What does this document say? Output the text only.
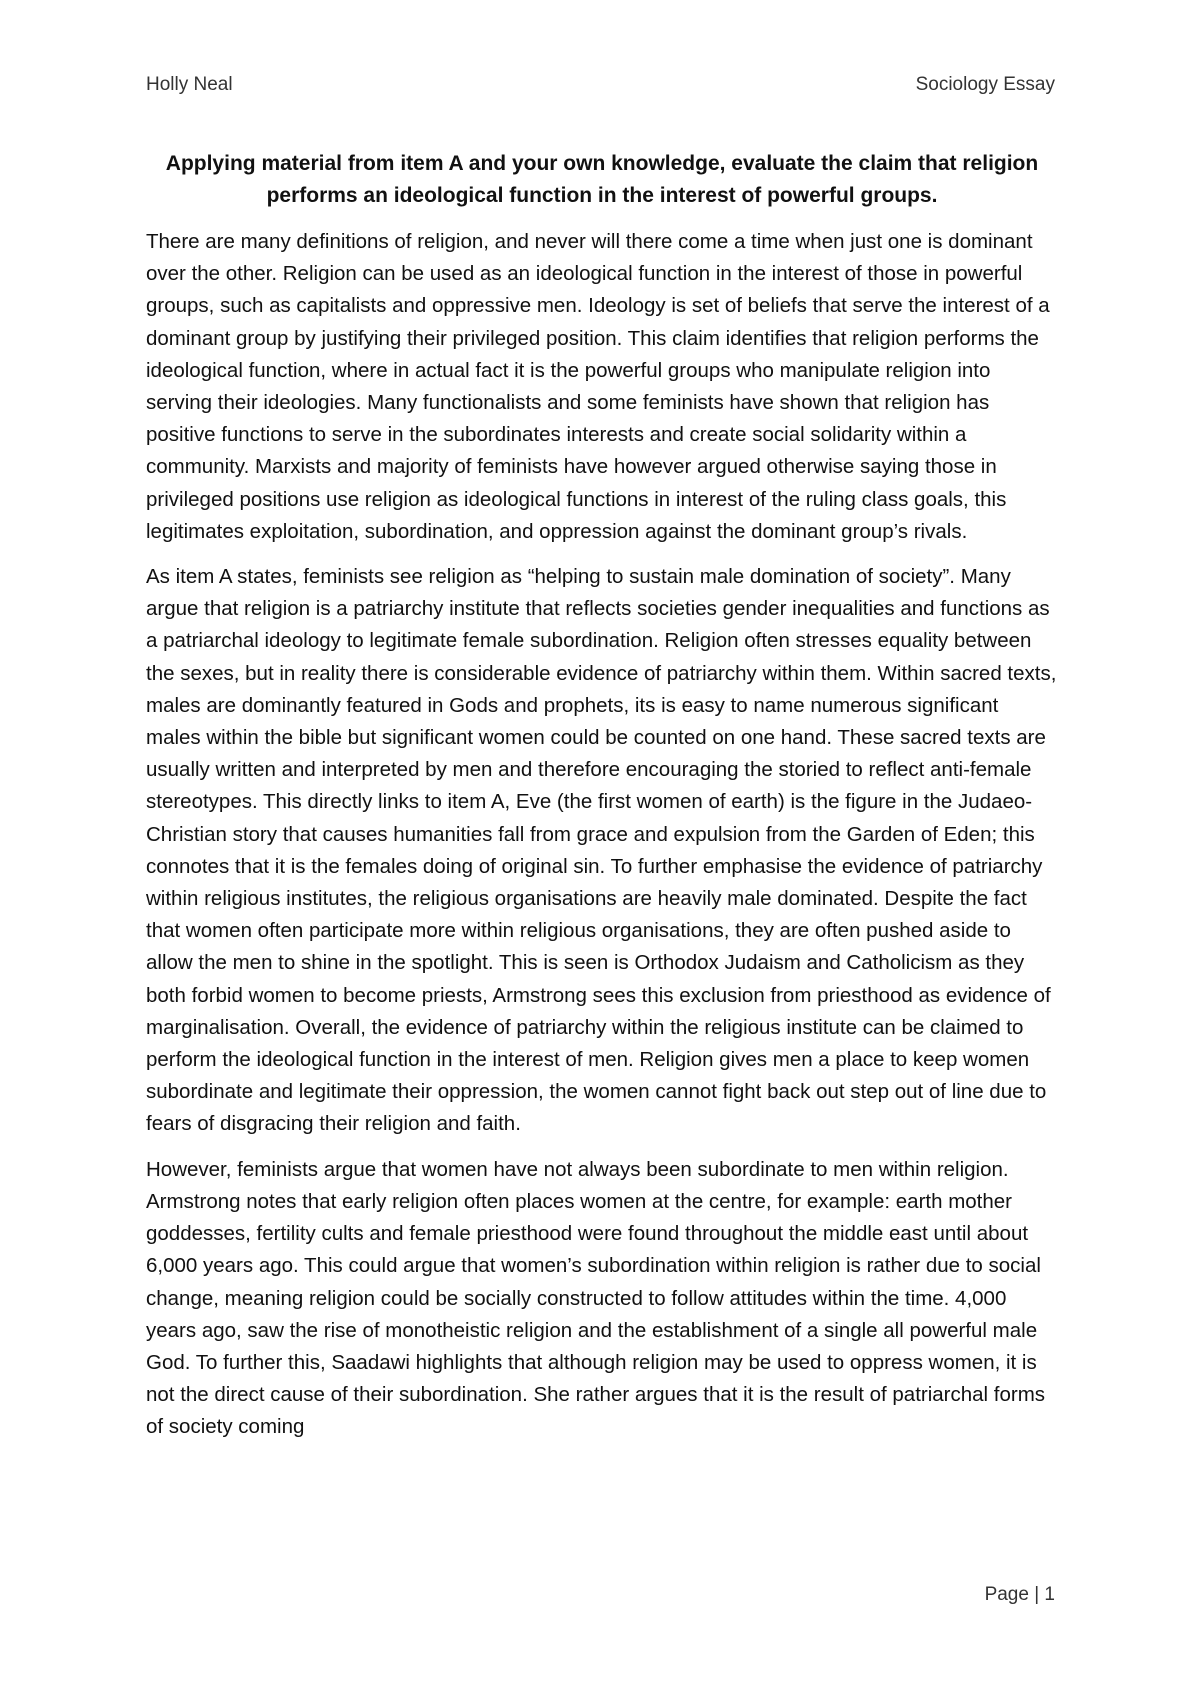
Holly Neal	Sociology Essay
Applying material from item A and your own knowledge, evaluate the claim that religion
performs an ideological function in the interest of powerful groups.

There are many definitions of religion, and never will there come a time when just one is dominant over the other. Religion can be used as an ideological function in the interest of those in powerful groups, such as capitalists and oppressive men. Ideology is set of beliefs that serve the interest of a dominant group by justifying their privileged position. This claim identifies that religion performs the ideological function, where in actual fact it is the powerful groups who manipulate religion into serving their ideologies. Many functionalists and some feminists have shown that religion has positive functions to serve in the subordinates interests and create social solidarity within a community. Marxists and majority of feminists have however argued otherwise saying those in privileged positions use religion as ideological functions in interest of the ruling class goals, this legitimates exploitation, subordination, and oppression against the dominant group’s rivals.

As item A states, feminists see religion as “helping to sustain male domination of society”. Many argue that religion is a patriarchy institute that reflects societies gender inequalities and functions as a patriarchal ideology to legitimate female subordination. Religion often stresses equality between the sexes, but in reality there is considerable evidence of patriarchy within them. Within sacred texts, males are dominantly featured in Gods and prophets, its is easy to name numerous significant males within the bible but significant women could be counted on one hand. These sacred texts are usually written and interpreted by men and therefore encouraging the storied to reflect anti-female stereotypes. This directly links to item A, Eve (the first women of earth) is the figure in the Judaeo-Christian story that causes humanities fall from grace and expulsion from the Garden of Eden; this connotes that it is the females doing of original sin. To further emphasise the evidence of patriarchy within religious institutes, the religious organisations are heavily male dominated. Despite the fact that women often participate more within religious organisations, they are often pushed aside to allow the men to shine in the spotlight. This is seen is Orthodox Judaism and Catholicism as they both forbid women to become priests, Armstrong sees this exclusion from priesthood as evidence of marginalisation. Overall, the evidence of patriarchy within the religious institute can be claimed to perform the ideological function in the interest of men. Religion gives men a place to keep women subordinate and legitimate their oppression, the women cannot fight back out step out of line due to fears of disgracing their religion and faith.

However, feminists argue that women have not always been subordinate to men within religion. Armstrong notes that early religion often places women at the centre, for example: earth mother goddesses, fertility cults and female priesthood were found throughout the middle east until about 6,000 years ago. This could argue that women’s subordination within religion is rather due to social change, meaning religion could be socially constructed to follow attitudes within the time. 4,000 years ago, saw the rise of monotheistic religion and the establishment of a single all powerful male God. To further this, Saadawi highlights that although religion may be used to oppress women, it is not the direct cause of their subordination. She rather argues that it is the result of patriarchal forms of society coming

Page | 1
